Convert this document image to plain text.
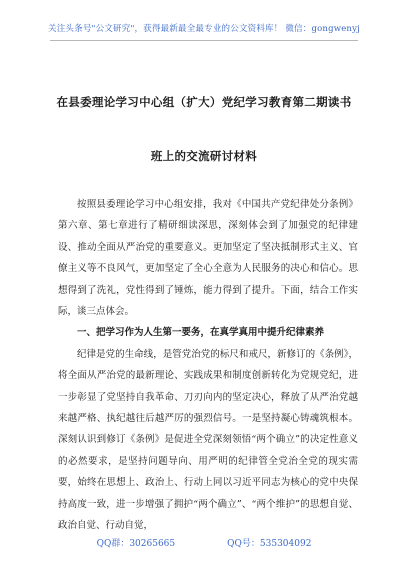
关注头条号"公文研究"，获得最新最全最专业的公文资料库！ 微信：gongwenyj
在县委理论学习中心组（扩大）党纪学习教育第二期读书
班上的交流研讨材料

按照县委理论学习中心组安排，我对《中国共产党纪律处分条例》第六章、第七章进行了精研细读深思，深刻体会到了加强党的纪律建设、推动全面从严治党的重要意义。更加坚定了坚决抵制形式主义、官僚主义等不良风气，更加坚定了全心全意为人民服务的决心和信心。思想得到了洗礼，党性得到了锤炼，能力得到了提升。下面，结合工作实际，谈三点体会。

一、把学习作为人生第一要务，在真学真用中提升纪律素养

纪律是党的生命线，是管党治党的标尺和戒尺，新修订的《条例》，将全面从严治党的最新理论、实践成果和制度创新转化为党规党纪，进一步彰显了党坚持自我革命、刀刃向内的坚定决心，释放了从严治党越来越严格、执纪越往后越严厉的强烈信号。一是坚持凝心铸魂筑根本。深刻认识到修订《条例》是促进全党深刻领悟“两个确立”的决定性意义的必然要求，是坚持问题导向、用严明的纪律管全党治全党的现实需要，始终在思想上、政治上、行动上同以习近平同志为核心的党中央保持高度一致，进一步增强了拥护“两个确立”、“两个维护”的思想自觉、政治自觉、行动自觉，

QQ群：30265665	QQ号：535304092
